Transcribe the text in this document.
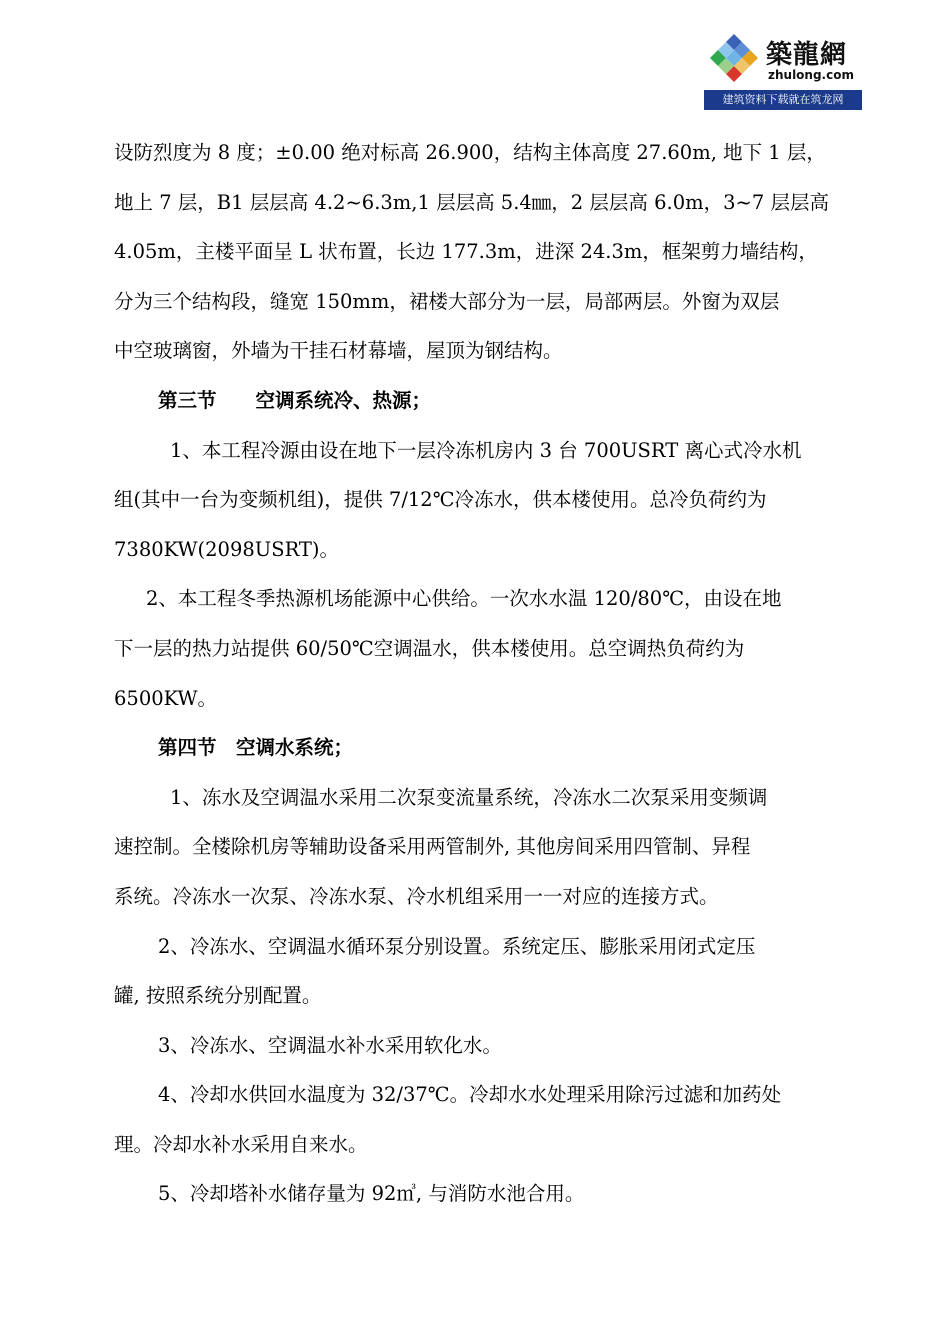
築龍網
zhulong.com
建筑资料下载就在筑龙网
设防烈度为 8 度；±0.00 绝对标高 26.900，结构主体高度 27.60m, 地下 1 层，
地上 7 层，B1 层层高 4.2~6.3m,1 层层高 5.4㎜，2 层层高 6.0m，3~7 层层高
4.05m，主楼平面呈 L 状布置，长边 177.3m，进深 24.3m，框架剪力墙结构，
分为三个结构段，缝宽 150mm，裙楼大部分为一层，局部两层。外窗为双层
中空玻璃窗，外墙为干挂石材幕墙，屋顶为钢结构。
第三节　　空调系统冷、热源；
1、本工程冷源由设在地下一层冷冻机房内 3 台 700USRT 离心式冷水机
组(其中一台为变频机组)，提供 7/12℃冷冻水，供本楼使用。总冷负荷约为
7380KW(2098USRT)。
2、本工程冬季热源机场能源中心供给。一次水水温 120/80℃，由设在地
下一层的热力站提供 60/50℃空调温水，供本楼使用。总空调热负荷约为
6500KW。
第四节　空调水系统；
1、冻水及空调温水采用二次泵变流量系统，冷冻水二次泵采用变频调
速控制。全楼除机房等辅助设备采用两管制外, 其他房间采用四管制、异程
系统。冷冻水一次泵、冷冻水泵、冷水机组采用一一对应的连接方式。
2、冷冻水、空调温水循环泵分别设置。系统定压、膨胀采用闭式定压
罐, 按照系统分别配置。
3、冷冻水、空调温水补水采用软化水。
4、冷却水供回水温度为 32/37℃。冷却水水处理采用除污过滤和加药处
理。冷却水补水采用自来水。
5、冷却塔补水储存量为 92㎥, 与消防水池合用。
